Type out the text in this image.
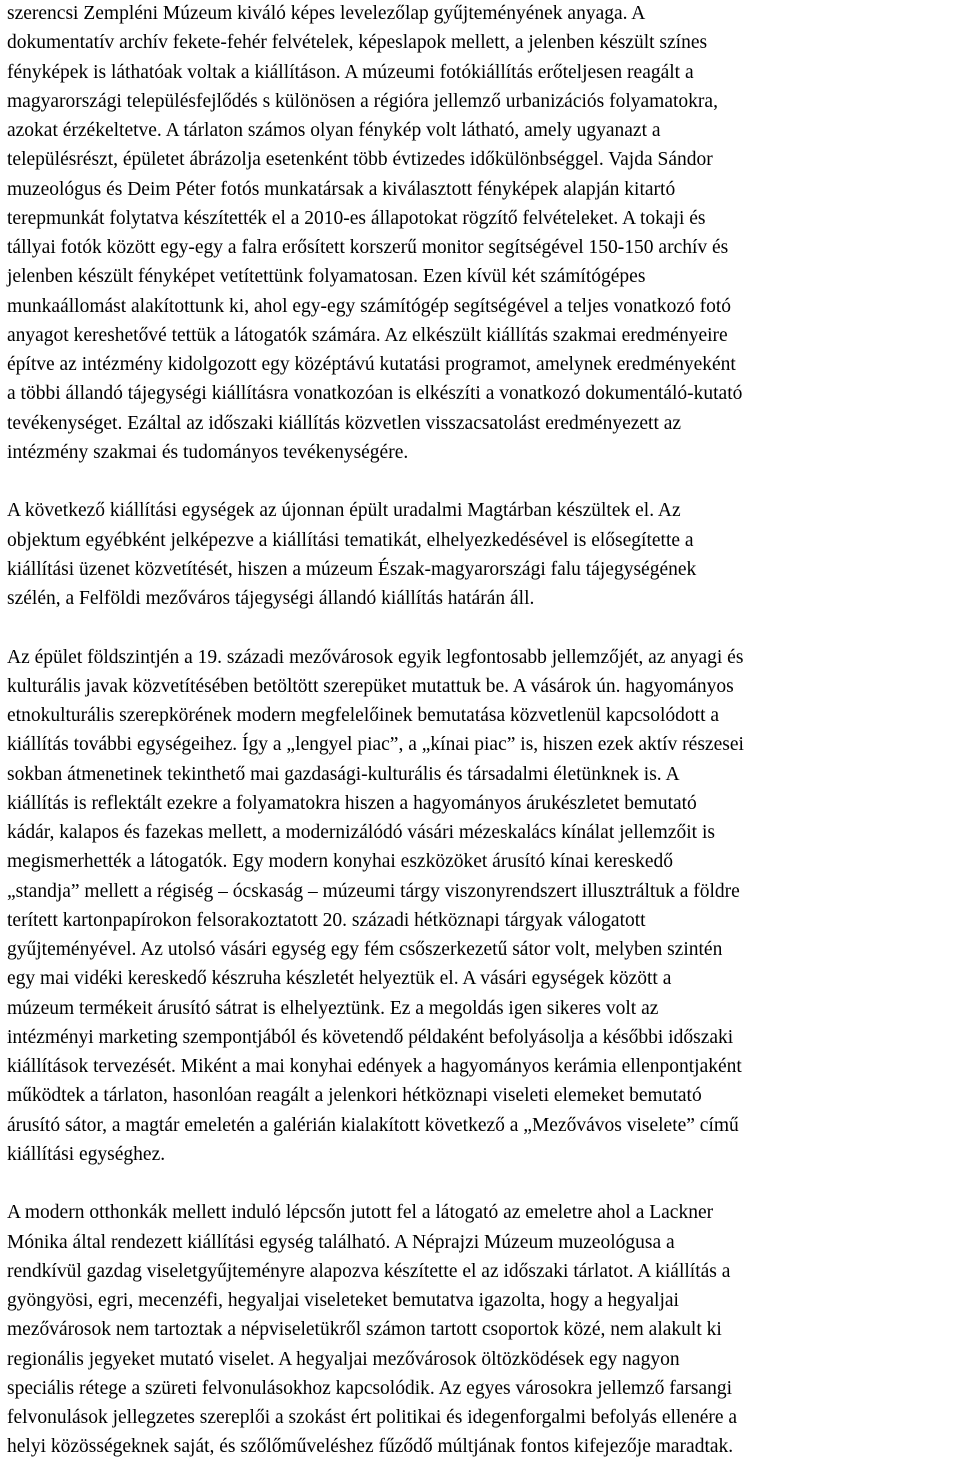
szerencsi Zempléni Múzeum kiváló képes levelezőlap gyűjteményének anyaga. A
dokumentatív archív fekete-fehér felvételek, képeslapok mellett, a jelenben készült színes
fényképek is láthatóak voltak a kiállításon. A múzeumi fotókiállítás erőteljesen reagált a
magyarországi településfejlődés s különösen a régióra jellemző urbanizációs folyamatokra,
azokat érzékeltetve. A tárlaton számos olyan fénykép volt látható, amely ugyanazt a
településrészt, épületet ábrázolja esetenként több évtizedes időkülönbséggel. Vajda Sándor
muzeológus és Deim Péter fotós munkatársak a kiválasztott fényképek alapján kitartó
terepmunkát folytatva készítették el a 2010-es állapotokat rögzítő felvételeket. A tokaji és
tállyai fotók között egy-egy a falra erősített korszerű monitor segítségével 150-150 archív és
jelenben készült fényképet vetítettünk folyamatosan. Ezen kívül két számítógépes
munkaállomást alakítottunk ki, ahol egy-egy számítógép segítségével a teljes vonatkozó fotó
anyagot kereshetővé tettük a látogatók számára. Az elkészült kiállítás szakmai eredményeire
építve az intézmény kidolgozott egy középtávú kutatási programot, amelynek eredményeként
a többi állandó tájegységi kiállításra vonatkozóan is elkészíti a vonatkozó dokumentáló-kutató
tevékenységet. Ezáltal az időszaki kiállítás közvetlen visszacsatolást eredményezett az
intézmény szakmai és tudományos tevékenységére.

A következő kiállítási egységek az újonnan épült uradalmi Magtárban készültek el. Az
objektum egyébként jelképezve a kiállítási tematikát, elhelyezkedésével is elősegítette a
kiállítási üzenet közvetítését, hiszen a múzeum Észak-magyarországi falu tájegységének
szélén, a Felföldi mezőváros tájegységi állandó kiállítás határán áll.

Az épület földszintjén a 19. századi mezővárosok egyik legfontosabb jellemzőjét, az anyagi és
kulturális javak közvetítésében betöltött szerepüket mutattuk be. A vásárok ún. hagyományos
etnokulturális szerepkörének modern megfelelőinek bemutatása közvetlenül kapcsolódott a
kiállítás további egységeihez. Így a „lengyel piac”, a „kínai piac” is, hiszen ezek aktív részesei
sokban átmenetinek tekinthető mai gazdasági-kulturális és társadalmi életünknek is. A
kiállítás is reflektált ezekre a folyamatokra hiszen a hagyományos árukészletet bemutató
kádár, kalapos és fazekas mellett, a modernizálódó vásári mézeskalács kínálat jellemzőit is
megismerhették a látogatók. Egy modern konyhai eszközöket árusító kínai kereskedő
„standja” mellett a régiség – ócskaság – múzeumi tárgy viszonyrendszert illusztráltuk a földre
terített kartonpapírokon felsorakoztatott 20. századi hétköznapi tárgyak válogatott
gyűjteményével. Az utolsó vásári egység egy fém csőszerkezetű sátor volt, melyben szintén
egy mai vidéki kereskedő készruha készletét helyeztük el. A vásári egységek között a
múzeum termékeit árusító sátrat is elhelyeztünk. Ez a megoldás igen sikeres volt az
intézményi marketing szempontjából és követendő példaként befolyásolja a későbbi időszaki
kiállítások tervezését. Miként a mai konyhai edények a hagyományos kerámia ellenpontjaként
működtek a tárlaton, hasonlóan reagált a jelenkori hétköznapi viseleti elemeket bemutató
árusító sátor, a magtár emeletén a galérián kialakított következő a „Mezővávos viselete” című
kiállítási egységhez.

A modern otthonkák mellett induló lépcsőn jutott fel a látogató az emeletre ahol a Lackner
Mónika által rendezett kiállítási egység található. A Néprajzi Múzeum muzeológusa a
rendkívül gazdag viseletgyűjteményre alapozva készítette el az időszaki tárlatot. A kiállítás a
gyöngyösi, egri, mecenzéfi, hegyaljai viseleteket bemutatva igazolta, hogy a hegyaljai
mezővárosok nem tartoztak a népviseletükről számon tartott csoportok közé, nem alakult ki
regionális jegyeket mutató viselet. A hegyaljai mezővárosok öltözködések egy nagyon
speciális rétege a szüreti felvonulásokhoz kapcsolódik. Az egyes városokra jellemző farsangi
felvonulások jellegzetes szereplői a szokást ért politikai és idegenforgalmi befolyás ellenére a
helyi közösségeknek saját, és szőlőműveléshez fűződő múltjának fontos kifejezője maradtak.
